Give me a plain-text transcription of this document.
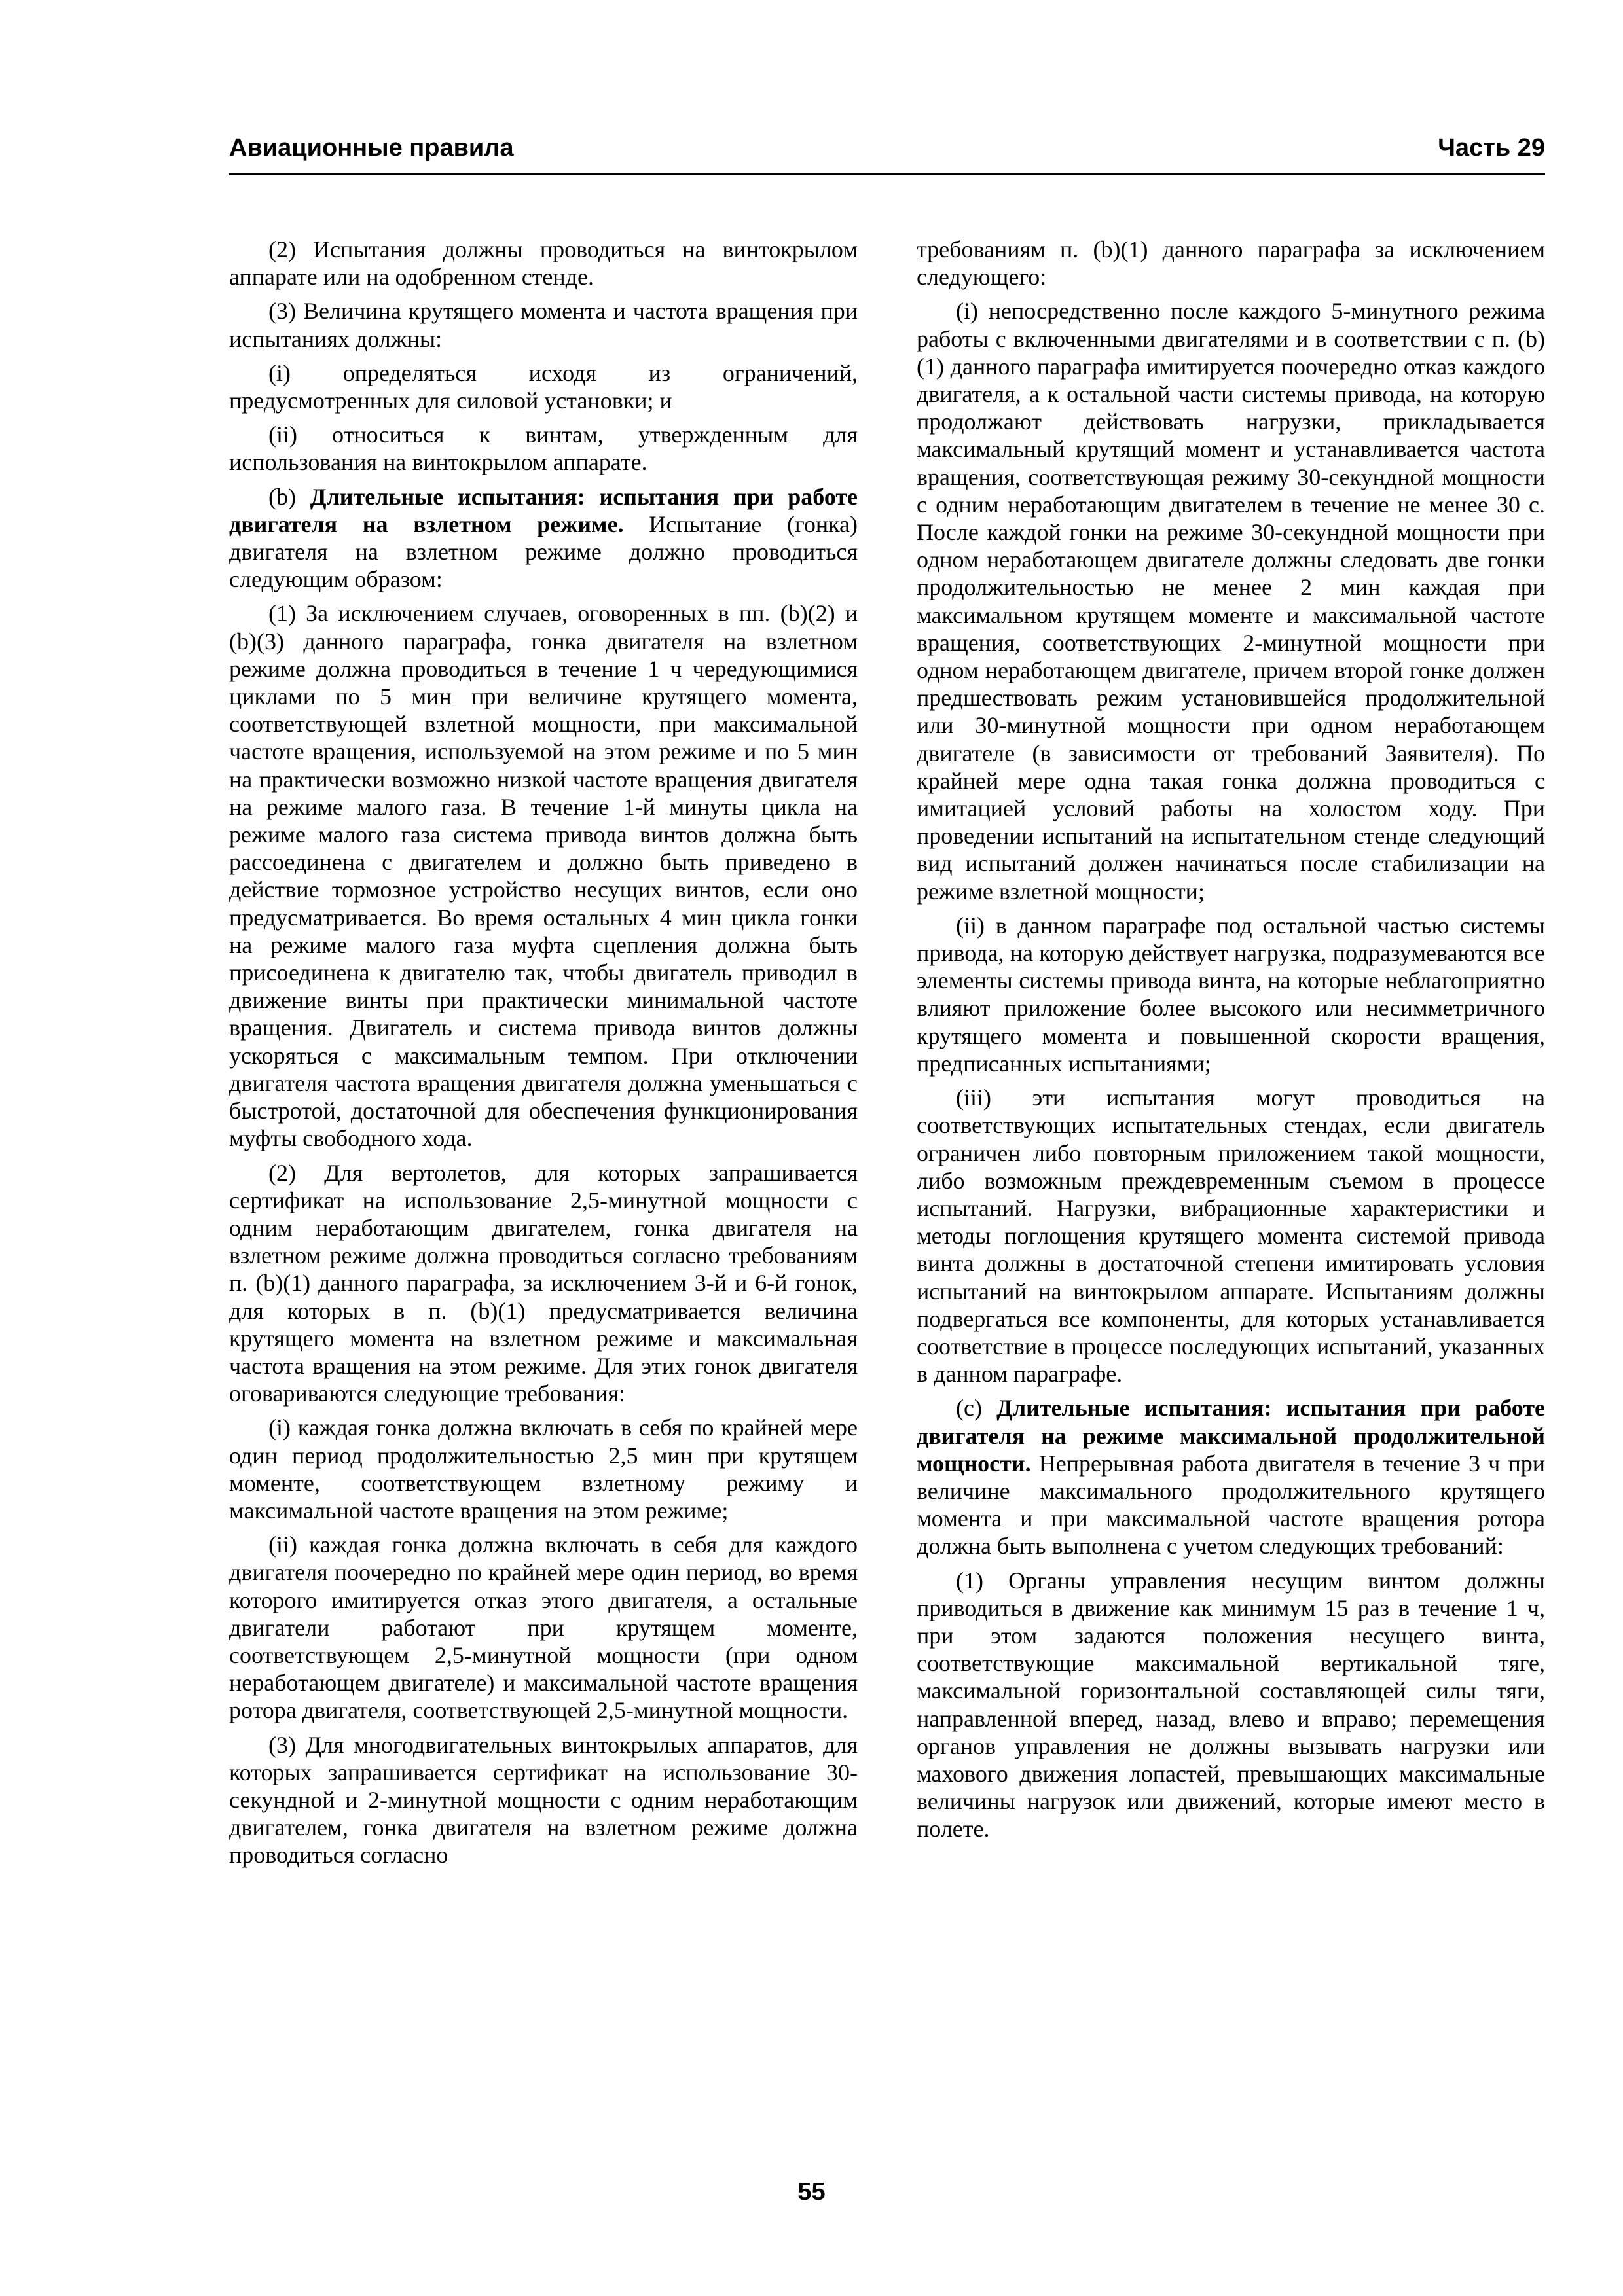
Авиационные правила	Часть 29

(2) Испытания должны проводиться на винтокрылом аппарате или на одобренном стенде.

(3) Величина крутящего момента и частота вращения при испытаниях должны:

(i) определяться исходя из ограничений, предусмотренных для силовой установки; и

(ii) относиться к винтам, утвержденным для использования на винтокрылом аппарате.

(b) Длительные испытания: испытания при работе двигателя на взлетном режиме. Испытание (гонка) двигателя на взлетном режиме должно проводиться следующим образом:

(1) За исключением случаев, оговоренных в пп. (b)(2) и (b)(3) данного параграфа, гонка двигателя на взлетном режиме должна проводиться в течение 1 ч чередующимися циклами по 5 мин при величине крутящего момента, соответствующей взлетной мощности, при максимальной частоте вращения, используемой на этом режиме и по 5 мин на практически возможно низкой частоте вращения двигателя на режиме малого газа. В течение 1-й минуты цикла на режиме малого газа система привода винтов должна быть рассоединена с двигателем и должно быть приведено в действие тормозное устройство несущих винтов, если оно предусматривается. Во время остальных 4 мин цикла гонки на режиме малого газа муфта сцепления должна быть присоединена к двигателю так, чтобы двигатель приводил в движение винты при практически минимальной частоте вращения. Двигатель и система привода винтов должны ускоряться с максимальным темпом. При отключении двигателя частота вращения двигателя должна уменьшаться с быстротой, достаточной для обеспечения функционирования муфты свободного хода.

(2) Для вертолетов, для которых запрашивается сертификат на использование 2,5-минутной мощности с одним неработающим двигателем, гонка двигателя на взлетном режиме должна проводиться согласно требованиям п. (b)(1) данного параграфа, за исключением 3-й и 6-й гонок, для которых в п. (b)(1) предусматривается величина крутящего момента на взлетном режиме и максимальная частота вращения на этом режиме. Для этих гонок двигателя оговариваются следующие требования:

(i) каждая гонка должна включать в себя по крайней мере один период продолжительностью 2,5 мин при крутящем моменте, соответствующем взлетному режиму и максимальной частоте вращения на этом режиме;

(ii) каждая гонка должна включать в себя для каждого двигателя поочередно по крайней мере один период, во время которого имитируется отказ этого двигателя, а остальные двигатели работают при крутящем моменте, соответствующем 2,5-минутной мощности (при одном неработающем двигателе) и максимальной частоте вращения ротора двигателя, соответствующей 2,5-минутной мощности.

(3) Для многодвигательных винтокрылых аппаратов, для которых запрашивается сертификат на использование 30-секундной и 2-минутной мощности с одним неработающим двигателем, гонка двигателя на взлетном режиме должна проводиться согласно

требованиям п. (b)(1) данного параграфа за исключением следующего:

(i) непосредственно после каждого 5-минутного режима работы с включенными двигателями и в соответствии с п. (b)(1) данного параграфа имитируется поочередно отказ каждого двигателя, а к остальной части системы привода, на которую продолжают действовать нагрузки, прикладывается максимальный крутящий момент и устанавливается частота вращения, соответствующая режиму 30-секундной мощности с одним неработающим двигателем в течение не менее 30 с. После каждой гонки на режиме 30-секундной мощности при одном неработающем двигателе должны следовать две гонки продолжительностью не менее 2 мин каждая при максимальном крутящем моменте и максимальной частоте вращения, соответствующих 2-минутной мощности при одном неработающем двигателе, причем второй гонке должен предшествовать режим установившейся продолжительной или 30-минутной мощности при одном неработающем двигателе (в зависимости от требований Заявителя). По крайней мере одна такая гонка должна проводиться с имитацией условий работы на холостом ходу. При проведении испытаний на испытательном стенде следующий вид испытаний должен начинаться после стабилизации на режиме взлетной мощности;

(ii) в данном параграфе под остальной частью системы привода, на которую действует нагрузка, подразумеваются все элементы системы привода винта, на которые неблагоприятно влияют приложение более высокого или несимметричного крутящего момента и повышенной скорости вращения, предписанных испытаниями;

(iii) эти испытания могут проводиться на соответствующих испытательных стендах, если двигатель ограничен либо повторным приложением такой мощности, либо возможным преждевременным съемом в процессе испытаний. Нагрузки, вибрационные характеристики и методы поглощения крутящего момента системой привода винта должны в достаточной степени имитировать условия испытаний на винтокрылом аппарате. Испытаниям должны подвергаться все компоненты, для которых устанавливается соответствие в процессе последующих испытаний, указанных в данном параграфе.

(c) Длительные испытания: испытания при работе двигателя на режиме максимальной продолжительной мощности. Непрерывная работа двигателя в течение 3 ч при величине максимального продолжительного крутящего момента и при максимальной частоте вращения ротора должна быть выполнена с учетом следующих требований:

(1) Органы управления несущим винтом должны приводиться в движение как минимум 15 раз в течение 1 ч, при этом задаются положения несущего винта, соответствующие максимальной вертикальной тяге, максимальной горизонтальной составляющей силы тяги, направленной вперед, назад, влево и вправо; перемещения органов управления не должны вызывать нагрузки или махового движения лопастей, превышающих максимальные величины нагрузок или движений, которые имеют место в полете.

55
